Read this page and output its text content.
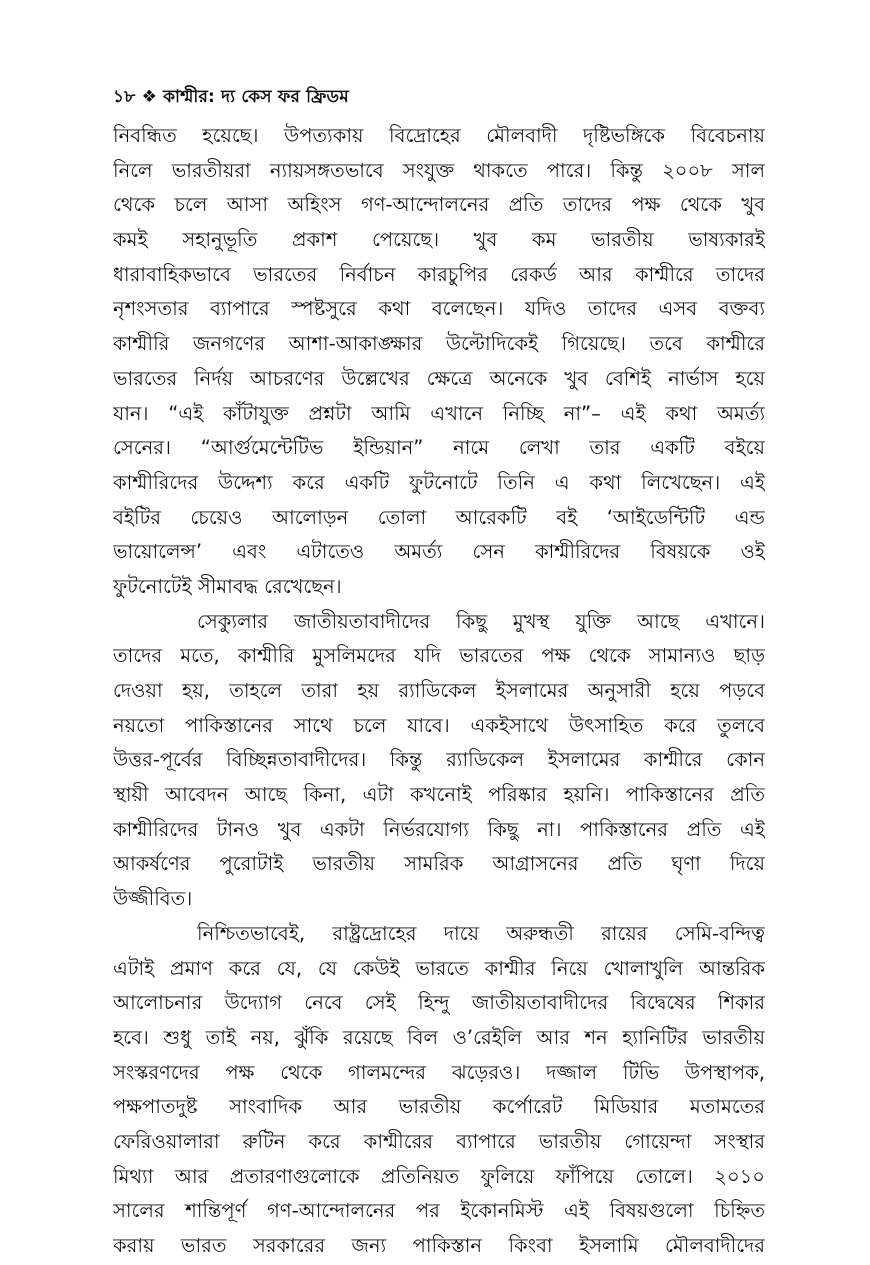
১৮ ❖ কাশ্মীর: দ্য কেস ফর ফ্রিডম
নিবন্ধিত হয়েছে। উপত্যকায় বিদ্রোহের মৌলবাদী দৃষ্টিভঙ্গিকে বিবেচনায়
নিলে ভারতীয়রা ন্যায়সঙ্গতভাবে সংযুক্ত থাকতে পারে। কিন্তু ২০০৮ সাল
থেকে চলে আসা অহিংস গণ-আন্দোলনের প্রতি তাদের পক্ষ থেকে খুব
কমই সহানুভূতি প্রকাশ পেয়েছে। খুব কম ভারতীয় ভাষ্যকারই
ধারাবাহিকভাবে ভারতের নির্বাচন কারচুপির রেকর্ড আর কাশ্মীরে তাদের
নৃশংসতার ব্যাপারে স্পষ্টসুরে কথা বলেছেন। যদিও তাদের এসব বক্তব্য
কাশ্মীরি জনগণের আশা-আকাঙ্ক্ষার উল্টোদিকেই গিয়েছে। তবে কাশ্মীরে
ভারতের নির্দয় আচরণের উল্লেখের ক্ষেত্রে অনেকে খুব বেশিই নার্ভাস হয়ে
যান। “এই কাঁটাযুক্ত প্রশ্নটা আমি এখানে নিচ্ছি না”– এই কথা অমর্ত্য
সেনের। “আর্গুমেন্টেটিভ ইন্ডিয়ান” নামে লেখা তার একটি বইয়ে
কাশ্মীরিদের উদ্দেশ্য করে একটি ফুটনোটে তিনি এ কথা লিখেছেন। এই
বইটির চেয়েও আলোড়ন তোলা আরেকটি বই ‘আইডেন্টিটি এন্ড
ভায়োলেন্স’ এবং এটাতেও অমর্ত্য সেন কাশ্মীরিদের বিষয়কে ওই
ফুটনোটেই সীমাবদ্ধ রেখেছেন।
সেক্যুলার জাতীয়তাবাদীদের কিছু মুখস্থ যুক্তি আছে এখানে।
তাদের মতে, কাশ্মীরি মুসলিমদের যদি ভারতের পক্ষ থেকে সামান্যও ছাড়
দেওয়া হয়, তাহলে তারা হয় র‍্যাডিকেল ইসলামের অনুসারী হয়ে পড়বে
নয়তো পাকিস্তানের সাথে চলে যাবে। একইসাথে উৎসাহিত করে তুলবে
উত্তর-পূর্বের বিচ্ছিন্নতাবাদীদের। কিন্তু র‍্যাডিকেল ইসলামের কাশ্মীরে কোন
স্থায়ী আবেদন আছে কিনা, এটা কখনোই পরিষ্কার হয়নি। পাকিস্তানের প্রতি
কাশ্মীরিদের টানও খুব একটা নির্ভরযোগ্য কিছু না। পাকিস্তানের প্রতি এই
আকর্ষণের পুরোটাই ভারতীয় সামরিক আগ্রাসনের প্রতি ঘৃণা দিয়ে
উজ্জীবিত।
নিশ্চিতভাবেই, রাষ্ট্রদ্রোহের দায়ে অরুন্ধতী রায়ের সেমি-বন্দিত্ব
এটাই প্রমাণ করে যে, যে কেউই ভারতে কাশ্মীর নিয়ে খোলাখুলি আন্তরিক
আলোচনার উদ্যোগ নেবে সেই হিন্দু জাতীয়তাবাদীদের বিদ্বেষের শিকার
হবে। শুধু তাই নয়, ঝুঁকি রয়েছে বিল ও’রেইলি আর শন হ্যানিটির ভারতীয়
সংস্করণদের পক্ষ থেকে গালমন্দের ঝড়েরও। দজ্জাল টিভি উপস্থাপক,
পক্ষপাতদুষ্ট সাংবাদিক আর ভারতীয় কর্পোরেট মিডিয়ার মতামতের
ফেরিওয়ালারা রুটিন করে কাশ্মীরের ব্যাপারে ভারতীয় গোয়েন্দা সংস্থার
মিথ্যা আর প্রতারণাগুলোকে প্রতিনিয়ত ফুলিয়ে ফাঁপিয়ে তোলে। ২০১০
সালের শান্তিপূর্ণ গণ-আন্দোলনের পর ইকোনমিস্ট এই বিষয়গুলো চিহ্নিত
করায় ভারত সরকারের জন্য পাকিস্তান কিংবা ইসলামি মৌলবাদীদের
